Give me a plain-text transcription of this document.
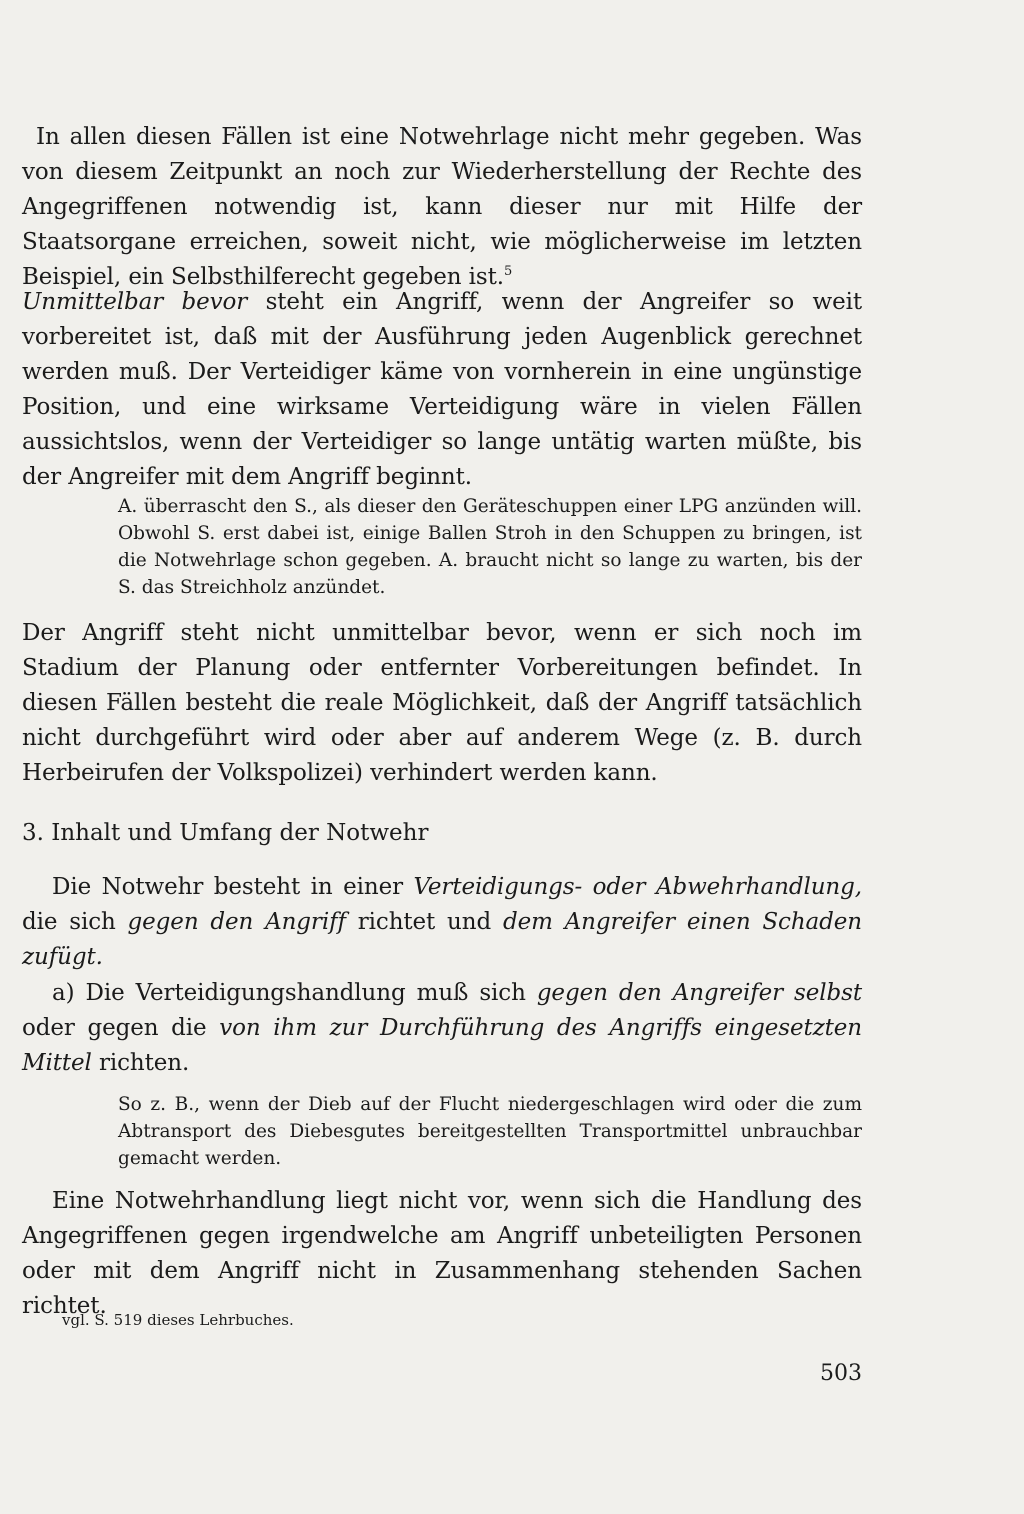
In allen diesen Fällen ist eine Notwehrlage nicht mehr gegeben. Was von diesem Zeitpunkt an noch zur Wiederherstellung der Rechte des Angegriffenen notwendig ist, kann dieser nur mit Hilfe der Staatsorgane erreichen, soweit nicht, wie möglicherweise im letzten Beispiel, ein Selbsthilferecht gegeben ist.$^5$

Unmittelbar bevor steht ein Angriff, wenn der Angreifer so weit vorbereitet ist, daß mit der Ausführung jeden Augenblick gerechnet werden muß. Der Verteidiger käme von vornherein in eine ungünstige Position, und eine wirksame Verteidigung wäre in vielen Fällen aussichtslos, wenn der Verteidiger so lange untätig warten müßte, bis der Angreifer mit dem Angriff beginnt.

A. überrascht den S., als dieser den Geräteschuppen einer LPG anzünden will. Obwohl S. erst dabei ist, einige Ballen Stroh in den Schuppen zu bringen, ist die Notwehrlage schon gegeben. A. braucht nicht so lange zu warten, bis der S. das Streichholz anzündet.

Der Angriff steht nicht unmittelbar bevor, wenn er sich noch im Stadium der Planung oder entfernter Vorbereitungen befindet. In diesen Fällen besteht die reale Möglichkeit, daß der Angriff tatsächlich nicht durchgeführt wird oder aber auf anderem Wege (z. B. durch Herbeirufen der Volkspolizei) verhindert werden kann.

3. Inhalt und Umfang der Notwehr

Die Notwehr besteht in einer Verteidigungs- oder Abwehrhandlung, die sich gegen den Angriff richtet und dem Angreifer einen Schaden zufügt.

a) Die Verteidigungshandlung muß sich gegen den Angreifer selbst oder gegen die von ihm zur Durchführung des Angriffs eingesetzten Mittel richten.

So z. B., wenn der Dieb auf der Flucht niedergeschlagen wird oder die zum Abtransport des Diebesgutes bereitgestellten Transportmittel unbrauchbar gemacht werden.

Eine Notwehrhandlung liegt nicht vor, wenn sich die Handlung des Angegriffenen gegen irgendwelche am Angriff unbeteiligten Personen oder mit dem Angriff nicht in Zusammenhang stehenden Sachen richtet.

vgl. S. 519 dieses Lehrbuches.
503
